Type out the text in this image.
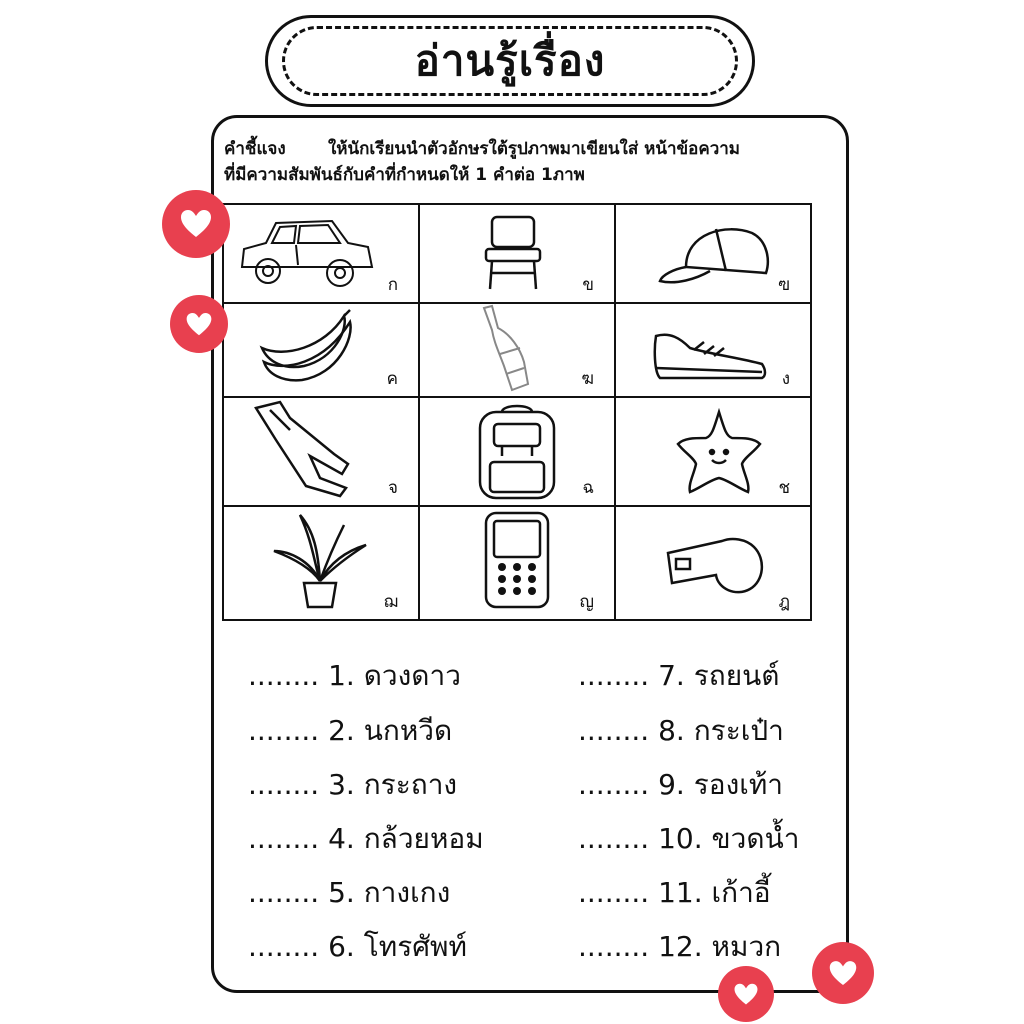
อ่านรู้เรื่อง
คำชี้แจง ให้นักเรียนนำตัวอักษรใต้รูปภาพมาเขียนใส่ หน้าข้อความ
ที่มีความสัมพันธ์กับคำที่กำหนดให้ 1 คำต่อ 1ภาพ
ก	ข	ฃ
ค	ฆ	ง
จ	ฉ	ช
ฌ	ญ	ฎ
........ 1. ดวงดาว
........ 2. นกหวีด
........ 3. กระถาง
........ 4. กล้วยหอม
........ 5. กางเกง
........ 6. โทรศัพท์
........ 7. รถยนต์
........ 8. กระเป๋า
........ 9. รองเท้า
........ 10. ขวดน้ำ
........ 11. เก้าอี้
........ 12. หมวก
